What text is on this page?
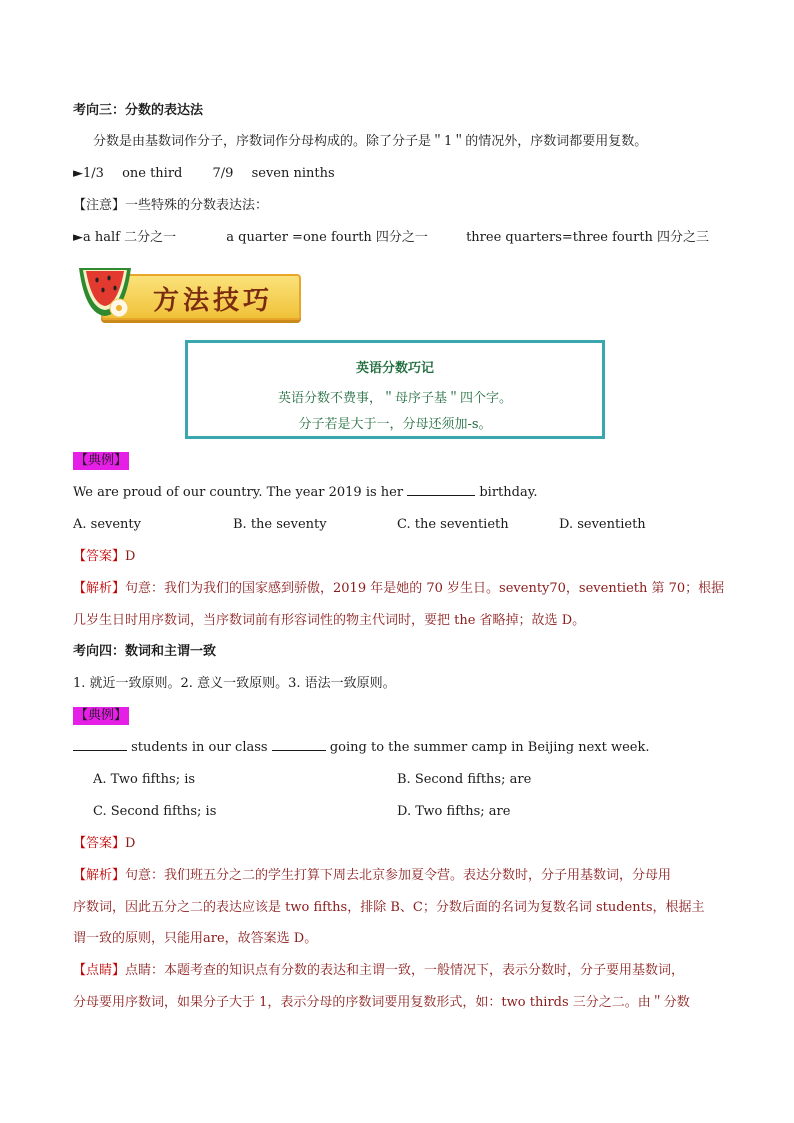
考向三：分数的表达法
分数是由基数词作分子，序数词作分母构成的。除了分子是＂1＂的情况外，序数词都要用复数。
►1/3 one third 7/9 seven ninths
【注意】一些特殊的分数表达法：
►a half 二分之一	a quarter =one fourth 四分之一	three quarters=three fourth 四分之三
方法技巧
英语分数巧记
英语分数不费事，＂母序子基＂四个字。
分子若是大于一，分母还须加-s。
【典例】
We are proud of our country. The year 2019 is her	birthday.
A. seventy	B. the seventy	C. the seventieth	D. seventieth
【答案】D
【解析】句意：我们为我们的国家感到骄傲，2019 年是她的 70 岁生日。seventy70，seventieth 第 70；根据
几岁生日时用序数词，当序数词前有形容词性的物主代词时，要把 the 省略掉；故选 D。
考向四：数词和主谓一致
1. 就近一致原则。2. 意义一致原则。3. 语法一致原则。
【典例】
students in our class	going to the summer camp in Beijing next week.
A. Two fifths; is	B. Second fifths; are
C. Second fifths; is	D. Two fifths; are
【答案】D
【解析】句意：我们班五分之二的学生打算下周去北京参加夏令营。表达分数时，分子用基数词，分母用
序数词，因此五分之二的表达应该是 two fifths，排除 B、C；分数后面的名词为复数名词 students，根据主
谓一致的原则，只能用are，故答案选 D。
【点睛】点睛：本题考查的知识点有分数的表达和主谓一致，一般情况下，表示分数时，分子要用基数词，
分母要用序数词，如果分子大于 1，表示分母的序数词要用复数形式，如：two thirds 三分之二。由＂分数
